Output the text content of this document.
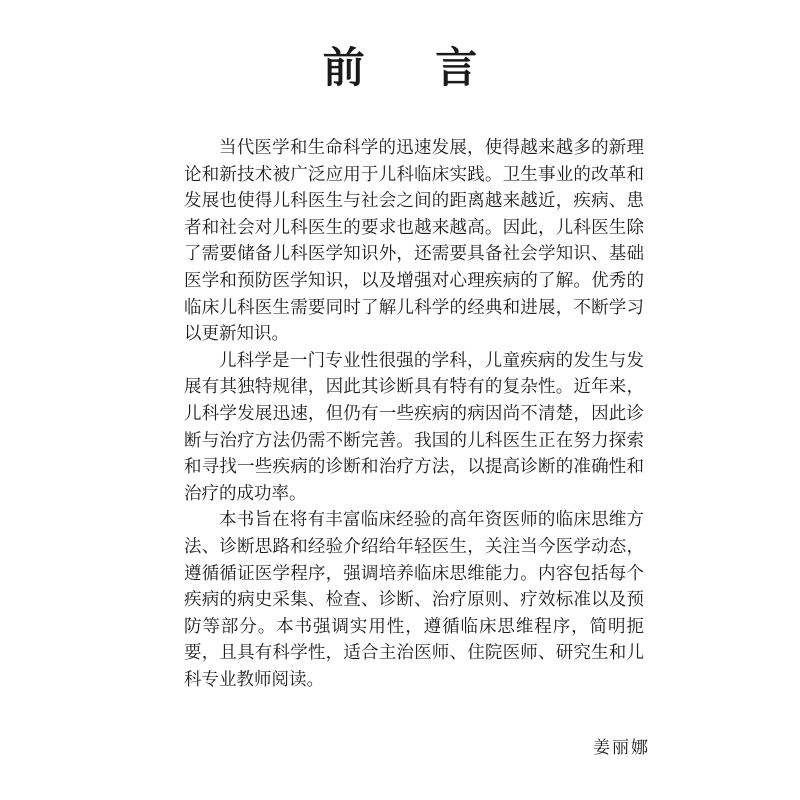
前 言

当代医学和生命科学的迅速发展，使得越来越多的新理论和新技术被广泛应用于儿科临床实践。卫生事业的改革和发展也使得儿科医生与社会之间的距离越来越近，疾病、患者和社会对儿科医生的要求也越来越高。因此，儿科医生除了需要储备儿科医学知识外，还需要具备社会学知识、基础医学和预防医学知识，以及增强对心理疾病的了解。优秀的临床儿科医生需要同时了解儿科学的经典和进展，不断学习以更新知识。

儿科学是一门专业性很强的学科，儿童疾病的发生与发展有其独特规律，因此其诊断具有特有的复杂性。近年来，儿科学发展迅速，但仍有一些疾病的病因尚不清楚，因此诊断与治疗方法仍需不断完善。我国的儿科医生正在努力探索和寻找一些疾病的诊断和治疗方法，以提高诊断的准确性和治疗的成功率。

本书旨在将有丰富临床经验的高年资医师的临床思维方法、诊断思路和经验介绍给年轻医生，关注当今医学动态，遵循循证医学程序，强调培养临床思维能力。内容包括每个疾病的病史采集、检查、诊断、治疗原则、疗效标准以及预防等部分。本书强调实用性，遵循临床思维程序，简明扼要，且具有科学性，适合主治医师、住院医师、研究生和儿科专业教师阅读。

姜丽娜
